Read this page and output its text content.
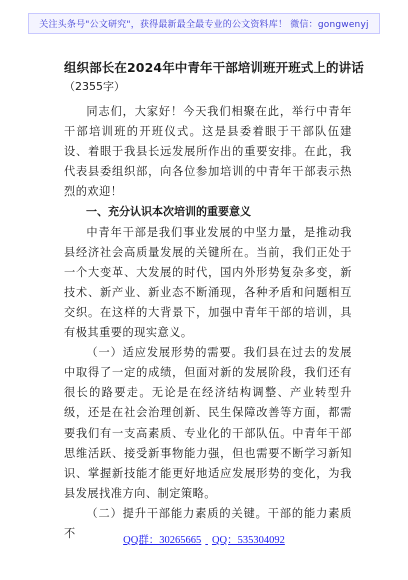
关注头条号"公文研究"，获得最新最全最专业的公文资料库！ 微信：gongwenyj
组织部长在2024年中青年干部培训班开班式上的讲话
（2355字）

同志们，大家好！今天我们相聚在此，举行中青年干部培训班的开班仪式。这是县委着眼于干部队伍建设、着眼于我县长远发展所作出的重要安排。在此，我代表县委组织部，向各位参加培训的中青年干部表示热烈的欢迎！

一、充分认识本次培训的重要意义

中青年干部是我们事业发展的中坚力量，是推动我县经济社会高质量发展的关键所在。当前，我们正处于一个大变革、大发展的时代，国内外形势复杂多变，新技术、新产业、新业态不断涌现，各种矛盾和问题相互交织。在这样的大背景下，加强中青年干部的培训，具有极其重要的现实意义。

（一）适应发展形势的需要。我们县在过去的发展中取得了一定的成绩，但面对新的发展阶段，我们还有很长的路要走。无论是在经济结构调整、产业转型升级，还是在社会治理创新、民生保障改善等方面，都需要我们有一支高素质、专业化的干部队伍。中青年干部思维活跃、接受新事物能力强，但也需要不断学习新知识、掌握新技能才能更好地适应发展形势的变化，为我县发展找准方向、制定策略。

（二）提升干部能力素质的关键。干部的能力素质不

QQ群：30265665 QQ：535304092
